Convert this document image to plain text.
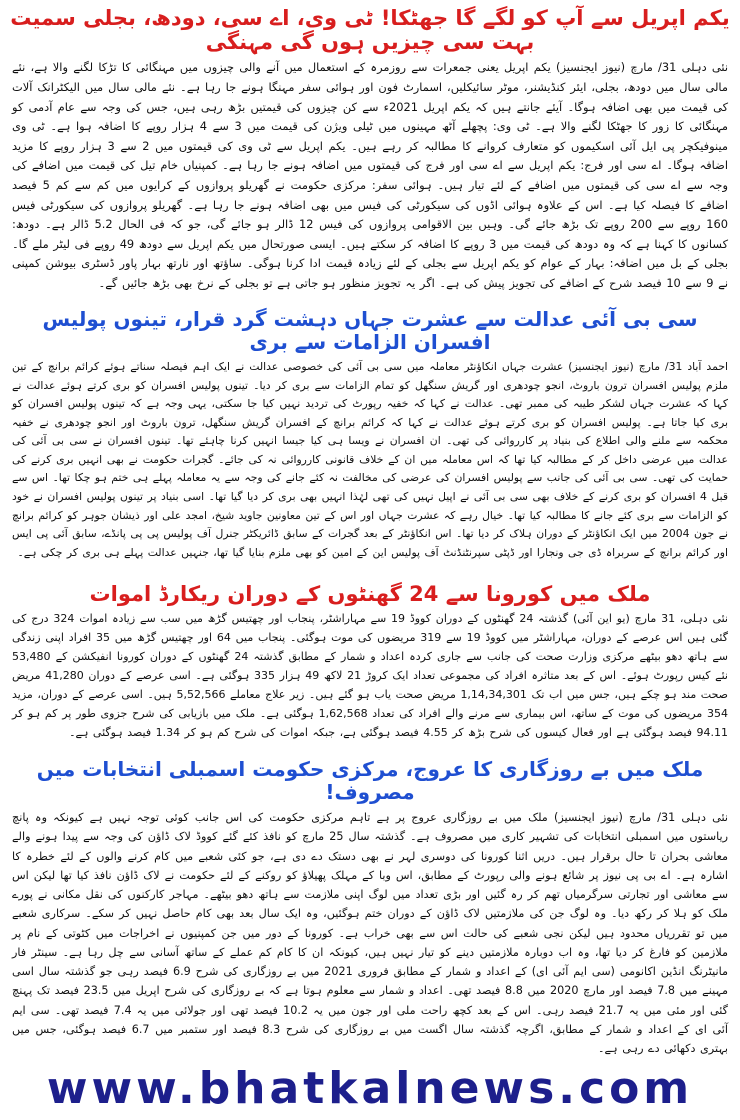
یکم اپریل سے آپ کو لگے گا جھٹکا! ٹی وی، اے سی، دودھ، بجلی سمیت بہت سی چیزیں ہوں گی مہنگی

نئی دہلی 31/ مارچ (نیوز ایجنسیز) یکم اپریل یعنی جمعرات سے روزمرہ کے استعمال میں آنے والی چیزوں میں مہنگائی کا تڑکا لگنے والا ہے، نئے مالی سال میں دودھ، بجلی، ایئر کنڈیشنر، موٹر سائیکلیں، اسمارٹ فون اور ہوائی سفر مہنگا ہونے جا رہا ہے۔ نئے مالی سال میں الیکٹرانک آلات کی قیمت میں بھی اضافہ ہوگا۔ آیئے جانتے ہیں کہ یکم اپریل 2021ء سے کن چیزوں کی قیمتیں بڑھ رہی ہیں، جس کی وجہ سے عام آدمی کو مہنگائی کا زور کا جھٹکا لگنے والا ہے۔ ٹی وی: پچھلے آٹھ مہینوں میں ٹیلی ویژن کی قیمت میں 3 سے 4 ہزار روپے کا اضافہ ہوا ہے۔ ٹی وی مینوفیکچر پی ایل آئی اسکیموں کو متعارف کروانے کا مطالبہ کر رہے ہیں۔ یکم اپریل سے ٹی وی کی قیمتوں میں 2 سے 3 ہزار روپے کا مزید اضافہ ہوگا۔ اے سی اور فرج: یکم اپریل سے اے سی اور فرج کی قیمتوں میں اضافہ ہونے جا رہا ہے۔ کمپنیاں خام تیل کی قیمت میں اضافے کی وجہ سے اے سی کی قیمتوں میں اضافے کے لئے تیار ہیں۔ ہوائی سفر: مرکزی حکومت نے گھریلو پروازوں کے کرایوں میں کم سے کم 5 فیصد اضافے کا فیصلہ کیا ہے۔ اس کے علاوہ ہوائی اڈوں کی سیکورٹی کی فیس میں بھی اضافہ ہونے جا رہا ہے۔ گھریلو پروازوں کی سیکورٹی فیس 160 روپے سے 200 روپے تک بڑھ جائے گی۔ وہیں بین الاقوامی پروازوں کی فیس 12 ڈالر ہو جائے گی، جو کہ فی الحال 5.2 ڈالر ہے۔ دودھ: کسانوں کا کہنا ہے کہ وہ دودھ کی قیمت میں 3 روپے کا اضافہ کر سکتے ہیں۔ ایسی صورتحال میں یکم اپریل سے دودھ 49 روپے فی لیٹر ملے گا۔ بجلی کے بل میں اضافہ: بہار کے عوام کو یکم اپریل سے بجلی کے لئے زیادہ قیمت ادا کرنا ہوگی۔ ساؤتھ اور نارتھ بہار پاور ڈسٹری بیوشن کمپنی نے 9 سے 10 فیصد شرح کے اضافے کی تجویز پیش کی ہے۔ اگر یہ تجویز منظور ہو جاتی ہے تو بجلی کے نرخ بھی بڑھ جائیں گے۔

سی بی آئی عدالت سے عشرت جہاں دہشت گرد قرار، تینوں پولیس افسران الزامات سے بری

احمد آباد 31/ مارچ (نیوز ایجنسیز) عشرت جہاں انکاؤنٹر معاملہ میں سی بی آئی کی خصوصی عدالت نے ایک اہم فیصلہ سناتے ہوئے کرائم برانچ کے تین ملزم پولیس افسران ترون باروٹ، انجو چودھری اور گریش سنگھل کو تمام الزامات سے بری کر دیا۔ تینوں پولیس افسران کو بری کرتے ہوئے عدالت نے کہا کہ عشرت جہاں لشکر طیبہ کی ممبر تھی۔ عدالت نے کہا کہ خفیہ رپورٹ کی تردید نہیں کیا جا سکتی، یہی وجہ ہے کہ تینوں پولیس افسران کو بری کیا جاتا ہے۔ پولیس افسران کو بری کرتے ہوئے عدالت نے کہا کہ کرائم برانچ کے افسران گریش سنگھل، ترون باروٹ اور انجو چودھری نے خفیہ محکمہ سے ملنے والی اطلاع کی بنیاد پر کارروائی کی تھی۔ ان افسران نے ویسا ہی کیا جیسا انہیں کرنا چاہئے تھا۔ تینوں افسران نے سی بی آئی کی عدالت میں عرضی داخل کر کے مطالبہ کیا تھا کہ اس معاملہ میں ان کے خلاف قانونی کارروائی نہ کی جائے۔ گجرات حکومت نے بھی انہیں بری کرنے کی حمایت کی تھی۔ سی بی آئی کی جانب سے پولیس افسران کی عرضی کی مخالفت نہ کئے جانے کی وجہ سے یہ معاملہ پہلے ہی ختم ہو چکا تھا۔ اس سے قبل 4 افسران کو بری کرنے کے خلاف بھی سی بی آئی نے اپیل نہیں کی تھی لہٰذا انہیں بھی بری کر دیا گیا تھا۔ اسی بنیاد پر تینوں پولیس افسران نے خود کو الزامات سے بری کئے جانے کا مطالبہ کیا تھا۔ خیال رہے کہ عشرت جہاں اور اس کے تین معاونین جاوید شیخ، امجد علی اور ذیشان جوہر کو کرائم برانچ نے جون 2004 میں ایک انکاؤنٹر کے دوران ہلاک کر دیا تھا۔ اس انکاؤنٹر کے بعد گجرات کے سابق ڈائریکٹر جنرل آف پولیس پی پی پانڈے، سابق آئی پی ایس اور کرائم برانچ کے سربراہ ڈی جی ونجارا اور ڈپٹی سپرنٹنڈنٹ آف پولیس این کے امین کو بھی ملزم بنایا گیا تھا، جنہیں عدالت پہلے ہی بری کر چکی ہے۔

ملک میں کورونا سے 24 گھنٹوں کے دوران ریکارڈ اموات

نئی دہلی، 31 مارچ (یو این آئی) گذشتہ 24 گھنٹوں کے دوران کووڈ 19 سے مہاراشٹر، پنجاب اور چھتیس گڑھ میں سب سے زیادہ اموات 324 درج کی گئی ہیں اس عرصے کے دوران، مہاراشٹر میں کووڈ 19 سے 319 مریضوں کی موت ہوگئی۔ پنجاب میں 64 اور چھتیس گڑھ میں 35 افراد اپنی زندگی سے ہاتھ دھو بیٹھے مرکزی وزارت صحت کی جانب سے جاری کردہ اعداد و شمار کے مطابق گذشتہ 24 گھنٹوں کے دوران کورونا انفیکشن کے 53,480 نئے کیس رپورٹ ہوئے۔ اس کے بعد متاثرہ افراد کی مجموعی تعداد ایک کروڑ 21 لاکھ 49 ہزار 335 ہوگئی ہے۔ اسی عرصے کے دوران 41,280 مریض صحت مند ہو چکے ہیں، جس میں اب تک 1,14,34,301 مریض صحت یاب ہو گئے ہیں۔ زیر علاج معاملے 5,52,566 ہیں۔ اسی عرصے کے دوران، مزید 354 مریضوں کی موت کے ساتھ، اس بیماری سے مرنے والے افراد کی تعداد 1,62,568 ہوگئی ہے۔ ملک میں بازیابی کی شرح جزوی طور پر کم ہو کر 94.11 فیصد ہوگئی ہے اور فعال کیسوں کی شرح بڑھ کر 4.55 فیصد ہوگئی ہے، جبکہ اموات کی شرح کم ہو کر 1.34 فیصد ہوگئی ہے۔

ملک میں بے روزگاری کا عروج، مرکزی حکومت اسمبلی انتخابات میں مصروف!

نئی دہلی 31/ مارچ (نیوز ایجنسیز) ملک میں بے روزگاری عروج پر ہے تاہم مرکزی حکومت کی اس جانب کوئی توجہ نہیں ہے کیونکہ وہ پانچ ریاستوں میں اسمبلی انتخابات کی تشہیر کاری میں مصروف ہے۔ گذشتہ سال 25 مارچ کو نافذ کئے گئے کووڈ لاک ڈاؤن کی وجہ سے پیدا ہونے والے معاشی بحران تا حال برقرار ہیں۔ دریں اثنا کورونا کی دوسری لہر نے بھی دستک دے دی ہے، جو کئی شعبے میں کام کرنے والوں کے لئے خطرہ کا اشارہ ہے۔ اے بی پی نیوز پر شائع ہونے والی رپورٹ کے مطابق، اس وبا کے مہلک پھیلاؤ کو روکنے کے لئے حکومت نے لاک ڈاؤن نافذ کیا تھا لیکن اس سے معاشی اور تجارتی سرگرمیاں تھم کر رہ گئیں اور بڑی تعداد میں لوگ اپنی ملازمت سے ہاتھ دھو بیٹھے۔ مہاجر کارکنوں کی نقل مکانی نے پورے ملک کو ہلا کر رکھ دیا۔ وہ لوگ جن کی ملازمتیں لاک ڈاؤن کے دوران ختم ہوگئیں، وہ ایک سال بعد بھی کام حاصل نہیں کر سکے۔ سرکاری شعبے میں تو تقرریاں محدود ہیں لیکن نجی شعبے کی حالت اس سے بھی خراب ہے۔ کورونا کے دور میں جن کمپنیوں نے اخراجات میں کٹوتی کے نام پر ملازمین کو فارغ کر دیا تھا، وہ اب دوبارہ ملازمتیں دینے کو تیار نہیں ہیں، کیونکہ ان کا کام کم عملے کے ساتھ آسانی سے چل رہا ہے۔ سینٹر فار مانیٹرنگ انڈین اکانومی (سی ایم آئی ای) کے اعداد و شمار کے مطابق فروری 2021 میں بے روزگاری کی شرح 6.9 فیصد رہی جو گذشتہ سال اسی مہینے میں 7.8 فیصد اور مارچ 2020 میں 8.8 فیصد تھی۔ اعداد و شمار سے معلوم ہوتا ہے کہ بے روزگاری کی شرح اپریل میں 23.5 فیصد تک پہنچ گئی اور مئی میں یہ 21.7 فیصد رہی۔ اس کے بعد کچھ راحت ملی اور جون میں یہ 10.2 فیصد تھی اور جولائی میں یہ 7.4 فیصد تھی۔ سی ایم آئی ای کے اعداد و شمار کے مطابق، اگرچہ گذشتہ سال اگست میں بے روزگاری کی شرح 8.3 فیصد اور ستمبر میں 6.7 فیصد ہوگئی، جس میں بہتری دکھائی دے رہی ہے۔

www.bhatkalnews.com
